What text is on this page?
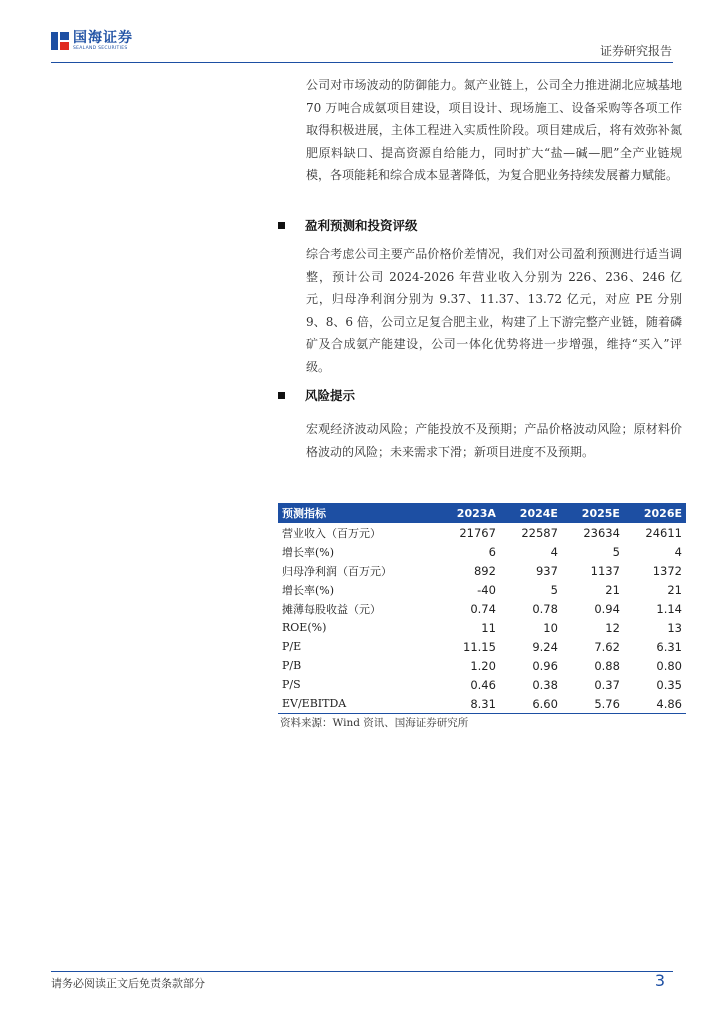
国海证券
SEALAND SECURITIES	证券研究报告
公司对市场波动的防御能力。氮产业链上，公司全力推进湖北应城基地 70 万吨合成氨项目建设，项目设计、现场施工、设备采购等各项工作取得积极进展，主体工程进入实质性阶段。项目建成后，将有效弥补氮肥原料缺口、提高资源自给能力，同时扩大“盐—碱—肥”全产业链规模，各项能耗和综合成本显著降低，为复合肥业务持续发展蓄力赋能。
盈利预测和投资评级
综合考虑公司主要产品价格价差情况，我们对公司盈利预测进行适当调整，预计公司 2024-2026 年营业收入分别为 226、236、246 亿元，归母净利润分别为 9.37、11.37、13.72 亿元，对应 PE 分别 9、8、6 倍，公司立足复合肥主业，构建了上下游完整产业链，随着磷矿及合成氨产能建设，公司一体化优势将进一步增强，维持“买入”评级。
风险提示
宏观经济波动风险；产能投放不及预期；产品价格波动风险；原材料价格波动的风险；未来需求下滑；新项目进度不及预期。
预测指标	2023A	2024E	2025E	2026E
营业收入（百万元）	21767	22587	23634	24611
增长率(%)	6	4	5	4
归母净利润（百万元）	892	937	1137	1372
增长率(%)	-40	5	21	21
摊薄每股收益（元）	0.74	0.78	0.94	1.14
ROE(%)	11	10	12	13
P/E	11.15	9.24	7.62	6.31
P/B	1.20	0.96	0.88	0.80
P/S	0.46	0.38	0.37	0.35
EV/EBITDA	8.31	6.60	5.76	4.86
资料来源：Wind 资讯、国海证券研究所
请务必阅读正文后免责条款部分	3
